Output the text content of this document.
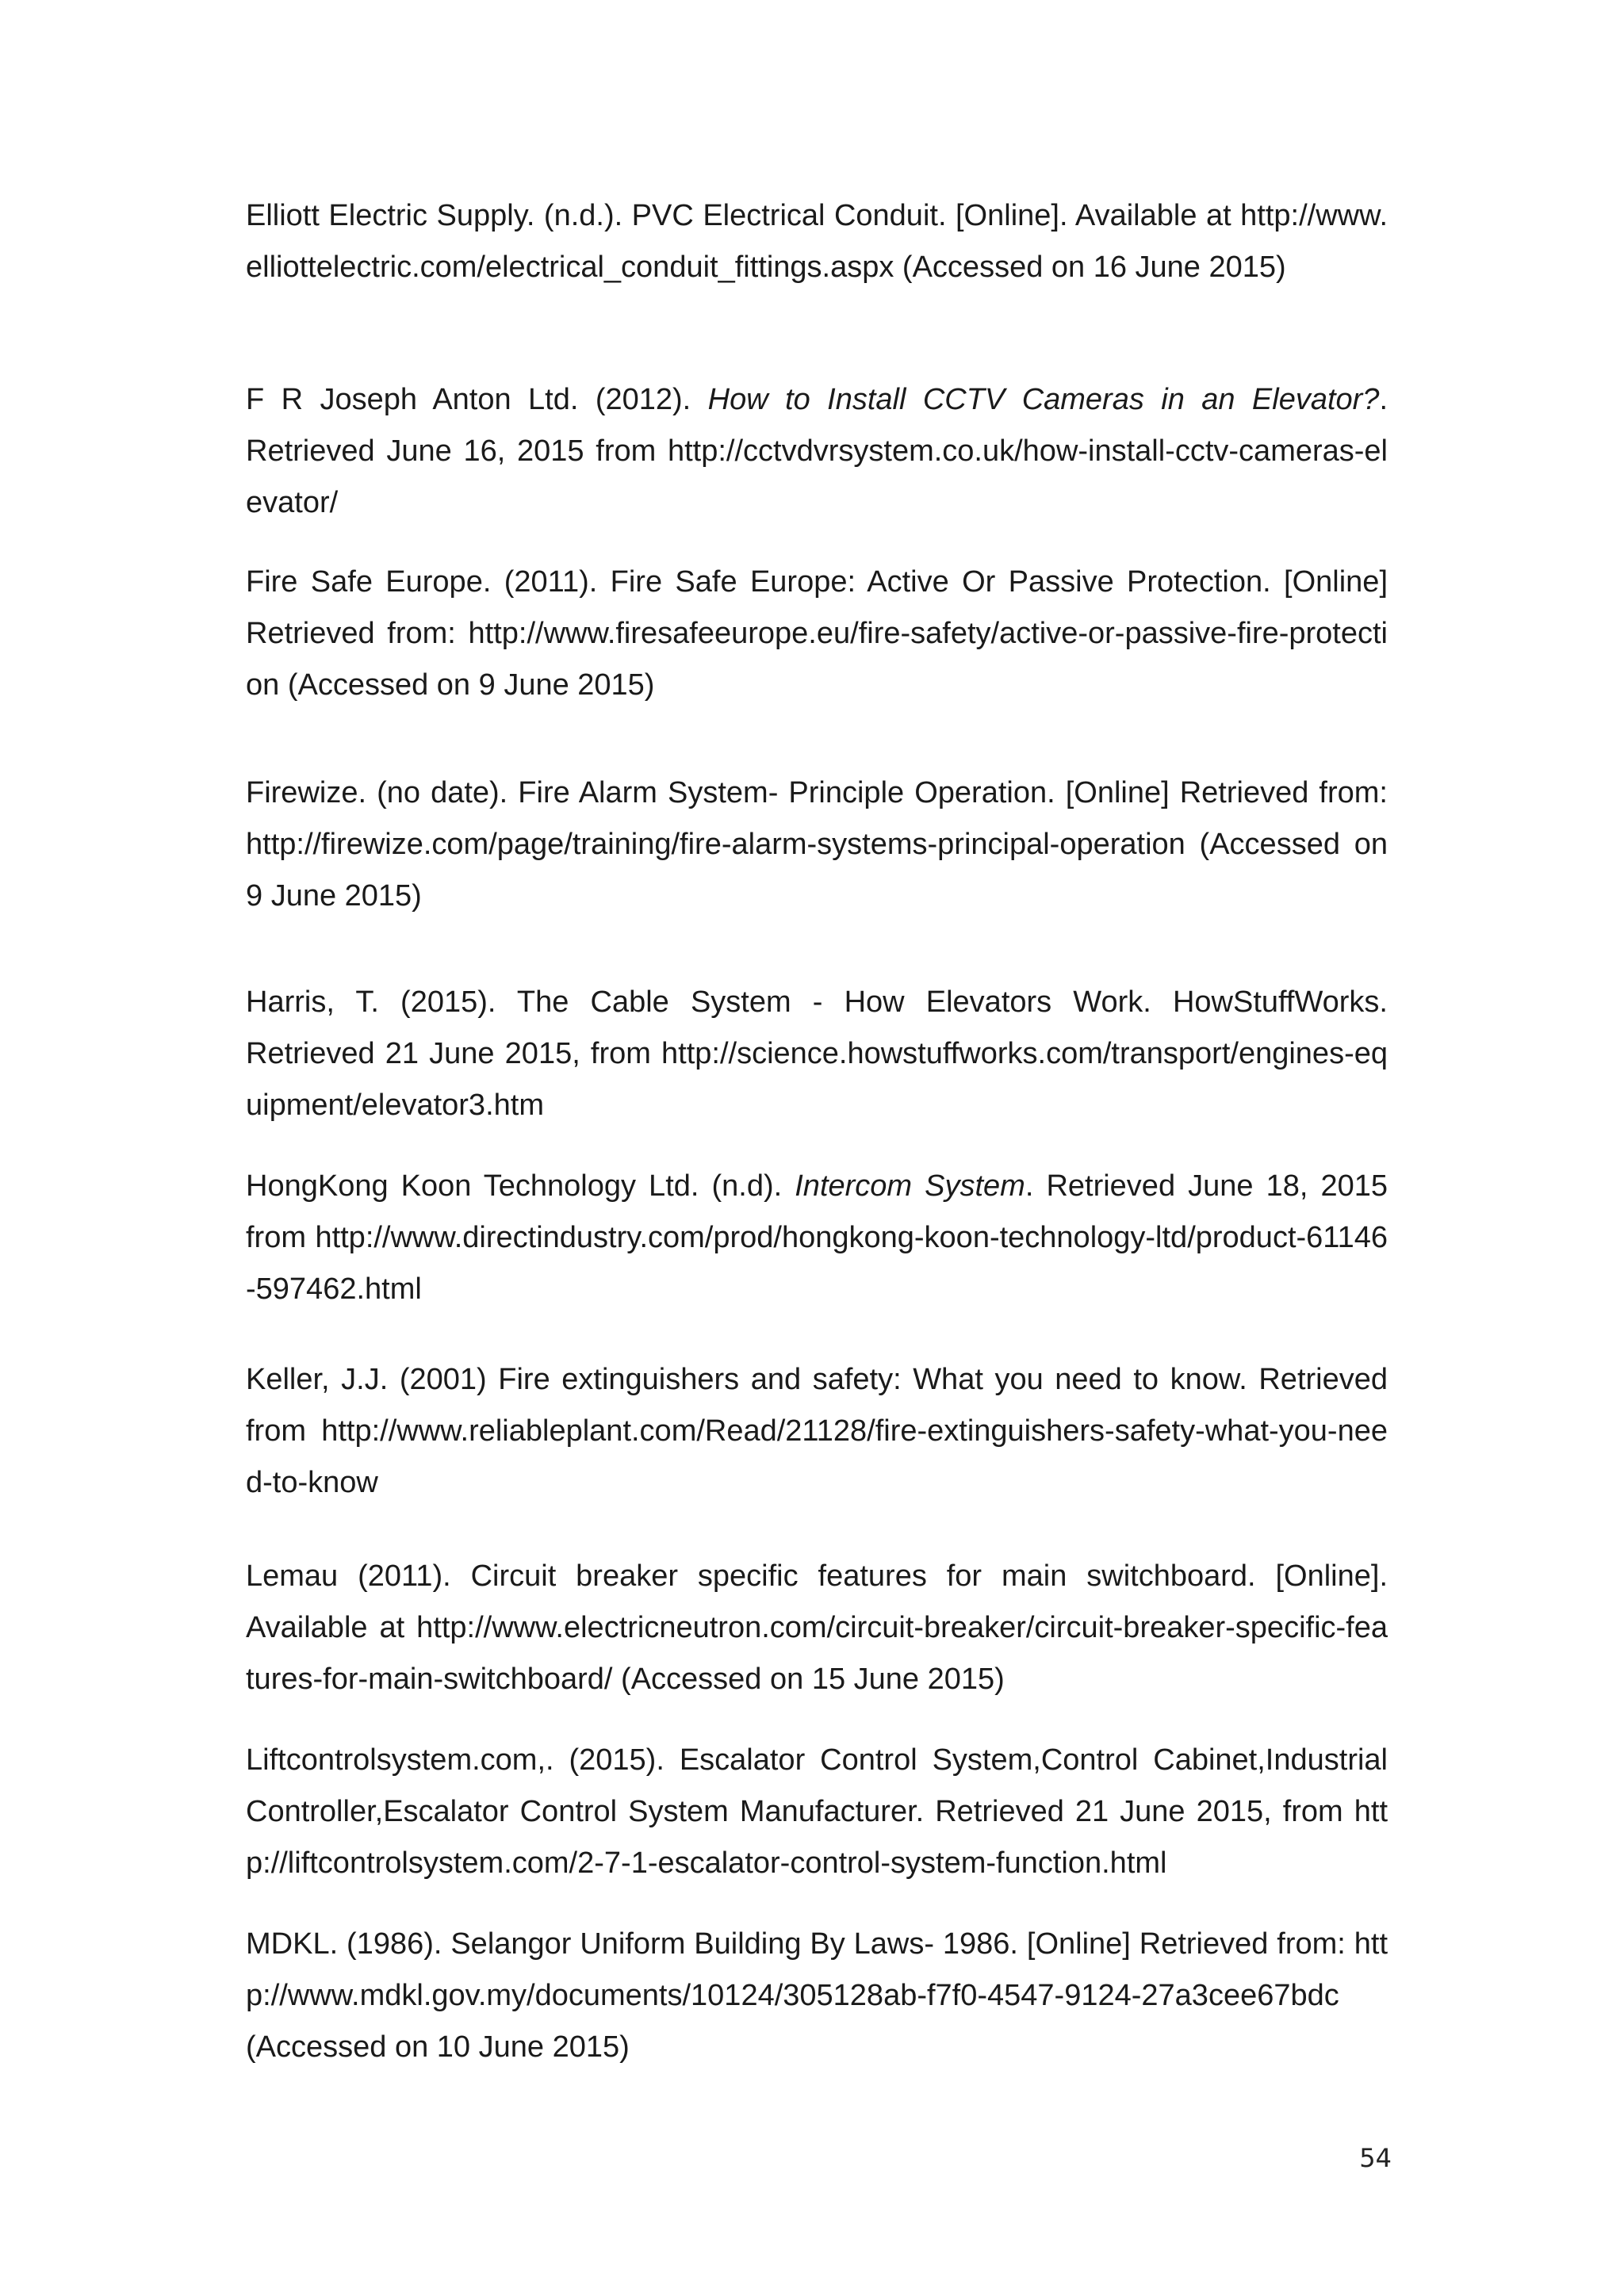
Elliott Electric Supply. (n.d.). PVC Electrical Conduit. [Online]. Available at http://www.elliottelectric.com/electrical_conduit_fittings.aspx (Accessed on 16 June 2015)

F R Joseph Anton Ltd. (2012). How to Install CCTV Cameras in an Elevator?. Retrieved June 16, 2015 from http://cctvdvrsystem.co.uk/how-install-cctv-cameras-elevator/

Fire Safe Europe. (2011). Fire Safe Europe: Active Or Passive Protection. [Online] Retrieved from: http://www.firesafeeurope.eu/fire-safety/active-or-passive-fire-protection (Accessed on 9 June 2015)

Firewize. (no date). Fire Alarm System- Principle Operation. [Online] Retrieved from: http://firewize.com/page/training/fire-alarm-systems-principal-operation (Accessed on 9 June 2015)

Harris, T. (2015). The Cable System - How Elevators Work. HowStuffWorks. Retrieved 21 June 2015, from http://science.howstuffworks.com/transport/engines-equipment/elevator3.htm

HongKong Koon Technology Ltd. (n.d). Intercom System. Retrieved June 18, 2015 from http://www.directindustry.com/prod/hongkong-koon-technology-ltd/product-61146-597462.html

Keller, J.J. (2001) Fire extinguishers and safety: What you need to know. Retrieved from http://www.reliableplant.com/Read/21128/fire-extinguishers-safety-what-you-need-to-know

Lemau (2011). Circuit breaker specific features for main switchboard. [Online]. Available at http://www.electricneutron.com/circuit-breaker/circuit-breaker-specific-features-for-main-switchboard/ (Accessed on 15 June 2015)

Liftcontrolsystem.com,. (2015). Escalator Control System,Control Cabinet,Industrial Controller,Escalator Control System Manufacturer. Retrieved 21 June 2015, from http://liftcontrolsystem.com/2-7-1-escalator-control-system-function.html

MDKL. (1986). Selangor Uniform Building By Laws- 1986. [Online] Retrieved from: http://www.mdkl.gov.my/documents/10124/305128ab-f7f0-4547-9124-27a3cee67bdc (Accessed on 10 June 2015)

54
